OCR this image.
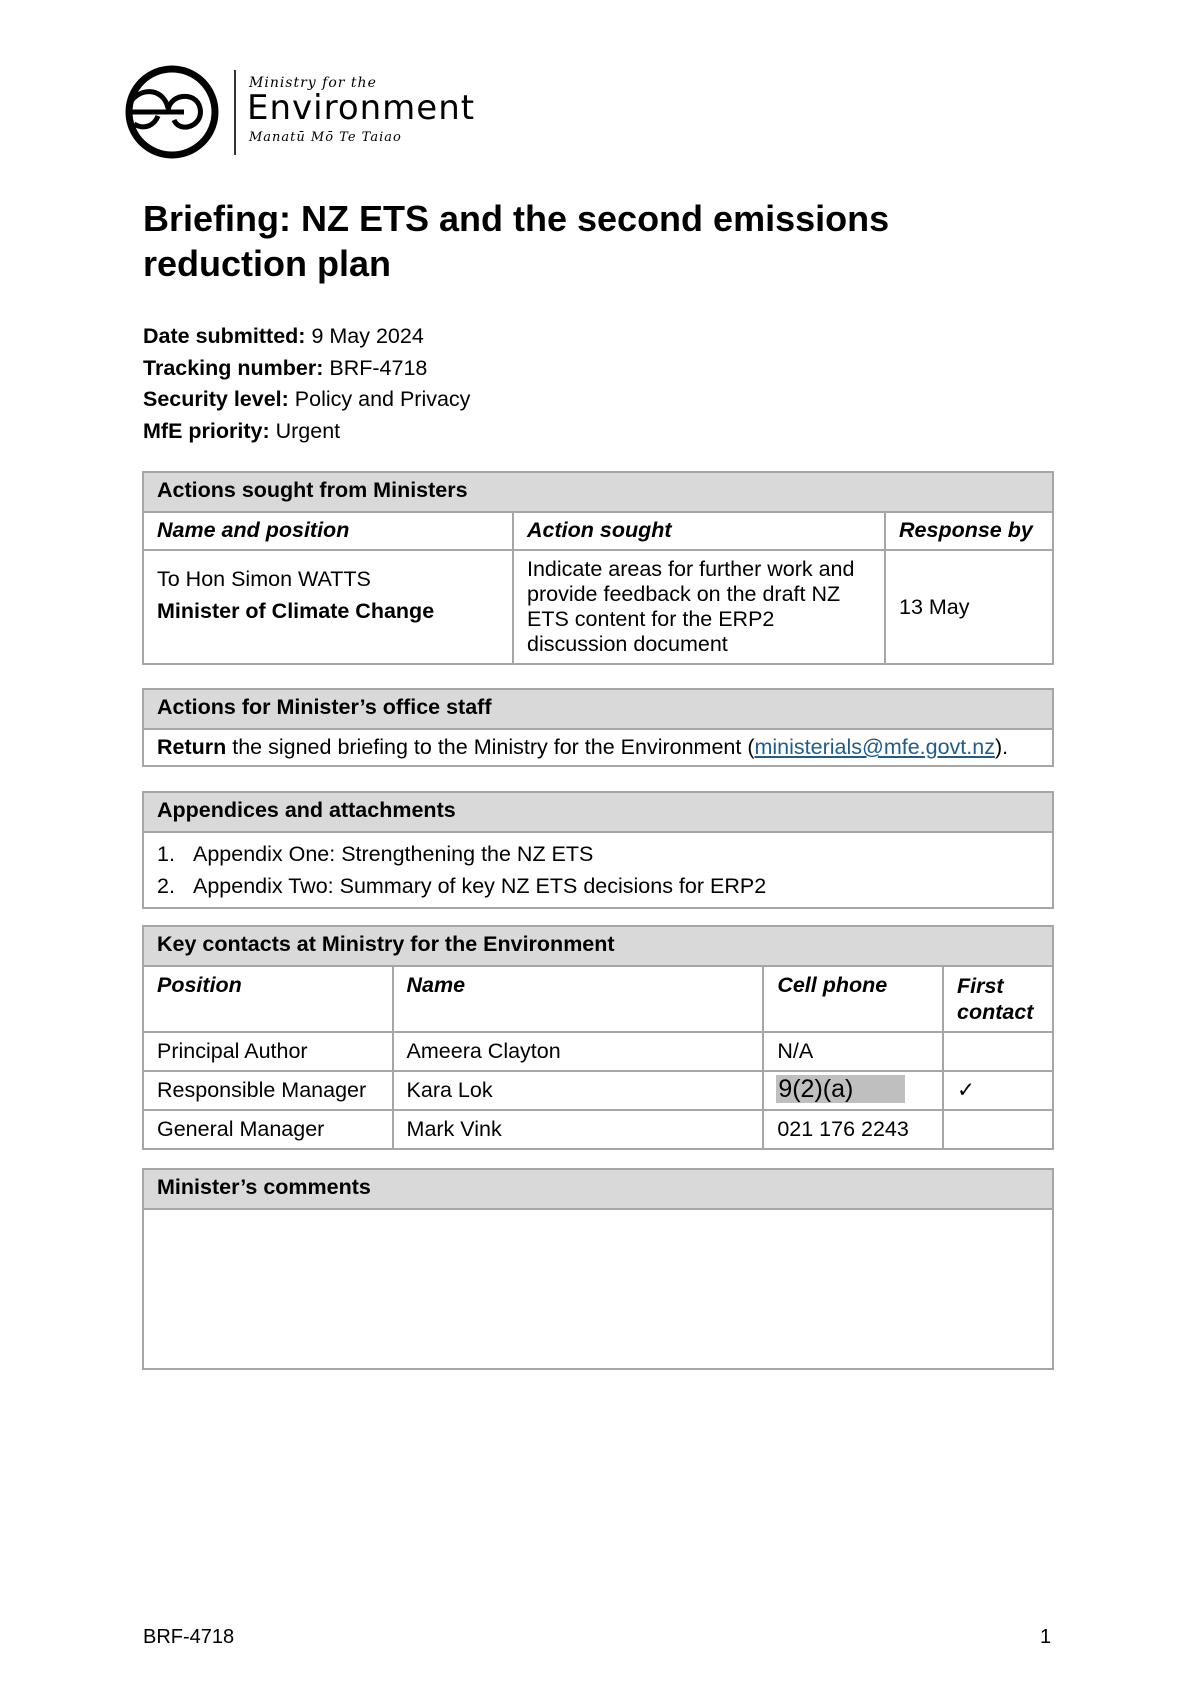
Ministry for the
Environment
Manatū Mō Te Taiao
Briefing: NZ ETS and the second emissions reduction plan
Date submitted: 9 May 2024
Tracking number: BRF-4718
Security level: Policy and Privacy
MfE priority: Urgent
Actions sought from Ministers		
Name and position	Action sought	Response by

To Hon Simon WATTS
Minister of Climate Change	Indicate areas for further work and provide feedback on the draft NZ ETS content for the ERP2 discussion document	13 May
Actions for Minister’s office staff
Return the signed briefing to the Ministry for the Environment (ministerials@mfe.govt.nz).
Appendices and attachments

1. Appendix One: Strengthening the NZ ETS
2. Appendix Two: Summary of key NZ ETS decisions for ERP2
Key contacts at Ministry for the Environment			
Position	Name	Cell phone	First contact
Principal Author	Ameera Clayton	N/A	
Responsible Manager	Kara Lok	9(2)(a)	✓
General Manager	Mark Vink	021 176 2243	
Minister’s comments

BRF-4718	1
